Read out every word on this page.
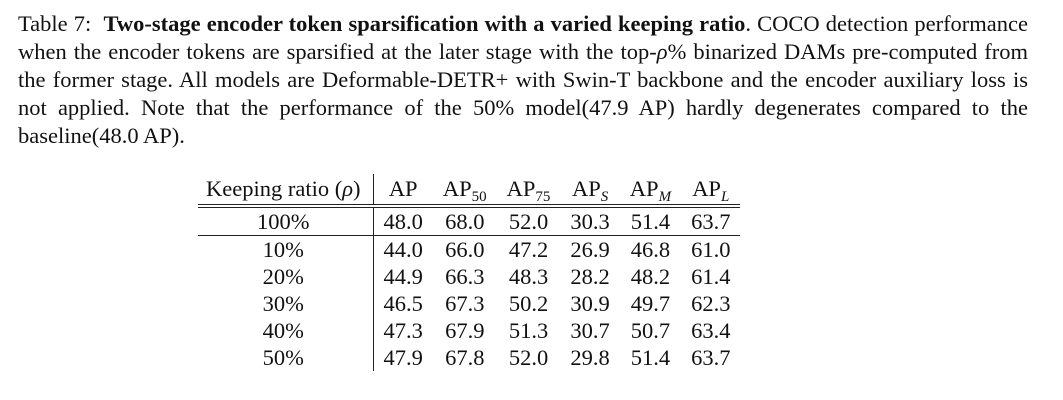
Table 7: Two-stage encoder token sparsification with a varied keeping ratio. COCO detection performance when the encoder tokens are sparsified at the later stage with the top-ρ% binarized DAMs pre-computed from the former stage. All models are Deformable-DETR+ with Swin-T backbone and the encoder auxiliary loss is not applied. Note that the performance of the 50% model(47.9 AP) hardly degenerates compared to the baseline(48.0 AP).
Keeping ratio (ρ)	AP	$AP_{50}$	$AP_{75}$	$AP_S$	$AP_M$	$AP_L$
100%	48.0	68.0	52.0	30.3	51.4	63.7
10%	44.0	66.0	47.2	26.9	46.8	61.0
20%	44.9	66.3	48.3	28.2	48.2	61.4
30%	46.5	67.3	50.2	30.9	49.7	62.3
40%	47.3	67.9	51.3	30.7	50.7	63.4
50%	47.9	67.8	52.0	29.8	51.4	63.7
